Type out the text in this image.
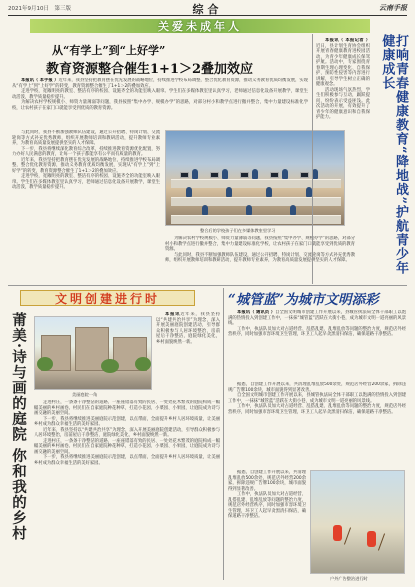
2021年9月10日　第三版	综合	云南手报
关爱未成年人
从“有学上”到“上好学”
教育资源整合催生1+1＞2叠加效应

本报讯（ 本手报 ）近年来，我县坚持把教育摆在优先发展的战略地位，持续推进学校布局调整，整合优化教育资源，推动义务教育优质均衡发展，实现从“有学上”到“上好学”的转变，教育资源整合催生了1+1＞2的叠加效应。

走进学校，宽敞明亮的教室、整洁有序的校园、设施齐全的功能室映入眼帘。学生们在多媒体教室里认真学习，老师通过信息化设备开展教学，课堂生动活泼，教学质量稳步提升。

为解决农村学校规模小、师资力量薄弱等问题，我县按照“集中办学、规模办学”的思路，对部分村小和教学点进行撤并整合，集中力量建设标准化学校，让农村孩子在家门口就能享受到优质的教育资源。

与此同时，我县不断加强教师队伍建设，通过公开招聘、特岗计划、交流轮岗等方式补充优秀教师，组织开展教师培训和教研活动，提升教师专业素养，为教育高质量发展提供坚实的人才保障。

下一步，我县将继续深化教育综合改革，持续推进教育资源优化配置，努力办好人民满意的教育，让每一个孩子都能享有公平而有质量的教育。

近年来，我县坚持把教育摆在优先发展的战略地位，持续推进学校布局调整，整合优化教育资源，推动义务教育优质均衡发展，实现从“有学上”到“上好学”的转变，教育资源整合催生了1+1＞2的叠加效应。

走进学校，宽敞明亮的教室、整洁有序的校园、设施齐全的功能室映入眼帘。学生们在多媒体教室里认真学习，老师通过信息化设备开展教学，课堂生动活泼，教学质量稳步提升。

整合后的学校孩子们在多媒体教室里学习

为解决农村学校规模小、师资力量薄弱等问题，我县按照“集中办学、规模办学”的思路，对部分村小和教学点进行撤并整合，集中力量建设标准化学校，让农村孩子在家门口就能享受到优质的教育资源。

与此同时，我县不断加强教师队伍建设，通过公开招聘、特岗计划、交流轮岗等方式补充优秀教师，组织开展教师培训和教研活动，提升教师专业素养，为教育高质量发展提供坚实的人才保障。

本报讯（ 本报记者 ）近日，县计划生育协会组织开展青春健康教育进校园活动，为青少年健康成长保驾护航。活动中，专家围绕青春期生理心理变化、自我保护、预防性侵害等内容进行讲解，引导学生树立正确的健康观念。

活动现场气氛热烈，学生们积极参与互动，踊跃提问，纷纷表示受益匪浅。此次活动的开展，有效提升了青少年的健康意识和自我保护能力。	打响青春健康教育“降地战”护航青少年健康成长
文明创建进行时
莆美·诗与画的庭院 你和我的乡村	美丽庭院一角

本报讯近年来，我县坚持以“共建共治共享”为理念，深入开展美丽庭院创建活动，引导群众积极参与人居环境整治，房前屋后干净整洁，庭院绿化美化，乡村面貌焕然一新。

走进村庄，一条条干净整洁的道路、一座座错落有致的民居、一处处花木繁茂的庭院构成一幅幅美丽的乡村画卷。村民们在自家庭院种花种草，打造小花园、小菜园、小果园，让庭院成为诗与画交融的美丽空间。

下一步，我县将继续推进美丽庭院示范创建，以点带面，全面提升乡村人居环境质量，让美丽乡村成为群众幸福生活的美好家园。

近年来，我县坚持以“共建共治共享”为理念，深入开展美丽庭院创建活动，引导群众积极参与人居环境整治，房前屋后干净整洁，庭院绿化美化，乡村面貌焕然一新。

走进村庄，一条条干净整洁的道路、一座座错落有致的民居、一处处花木繁茂的庭院构成一幅幅美丽的乡村画卷。村民们在自家庭院种花种草，打造小花园、小菜园、小果园，让庭院成为诗与画交融的美丽空间。

下一步，我县将继续推进美丽庭院示范创建，以点带面，全面提升乡村人居环境质量，让美丽乡村成为群众幸福生活的美好家园。

“城管蓝”为城市文明添彩

本报讯（ 通讯员 ）自全国文明城市创建工作开展以来，县城管执法局全体干部职工以饱满的热情投入到创建工作中，一抹抹“城管蓝”活跃在大街小巷，成为城市文明一道亮丽的风景线。

工作中，执法队员加大对占道经营、乱搭乱建、乱堆乱放等问题的整治力度，规范店外经营秩序，同时加强市容环境卫生管理，环卫工人起早贪黑清扫保洁，确保道路干净整洁。

据悉，自创建工作开展以来，共清理乱堆乱放500余处，规范店外经营200余家，拆除违规广告牌100余块，城市面貌得到显著改善。

自全国文明城市创建工作开展以来，县城管执法局全体干部职工以饱满的热情投入到创建工作中，一抹抹“城管蓝”活跃在大街小巷，成为城市文明一道亮丽的风景线。

工作中，执法队员加大对占道经营、乱搭乱建、乱堆乱放等问题的整治力度，规范店外经营秩序，同时加强市容环境卫生管理，环卫工人起早贪黑清扫保洁，确保道路干净整洁。

据悉，自创建工作开展以来，共清理乱堆乱放500余处，规范店外经营200余家，拆除违规广告牌100余块，城市面貌得到显著改善。

工作中，执法队员加大对占道经营、乱搭乱建、乱堆乱放等问题的整治力度，规范店外经营秩序，同时加强市容环境卫生管理，环卫工人起早贪黑清扫保洁，确保道路干净整洁。

户外广告整治进行时
